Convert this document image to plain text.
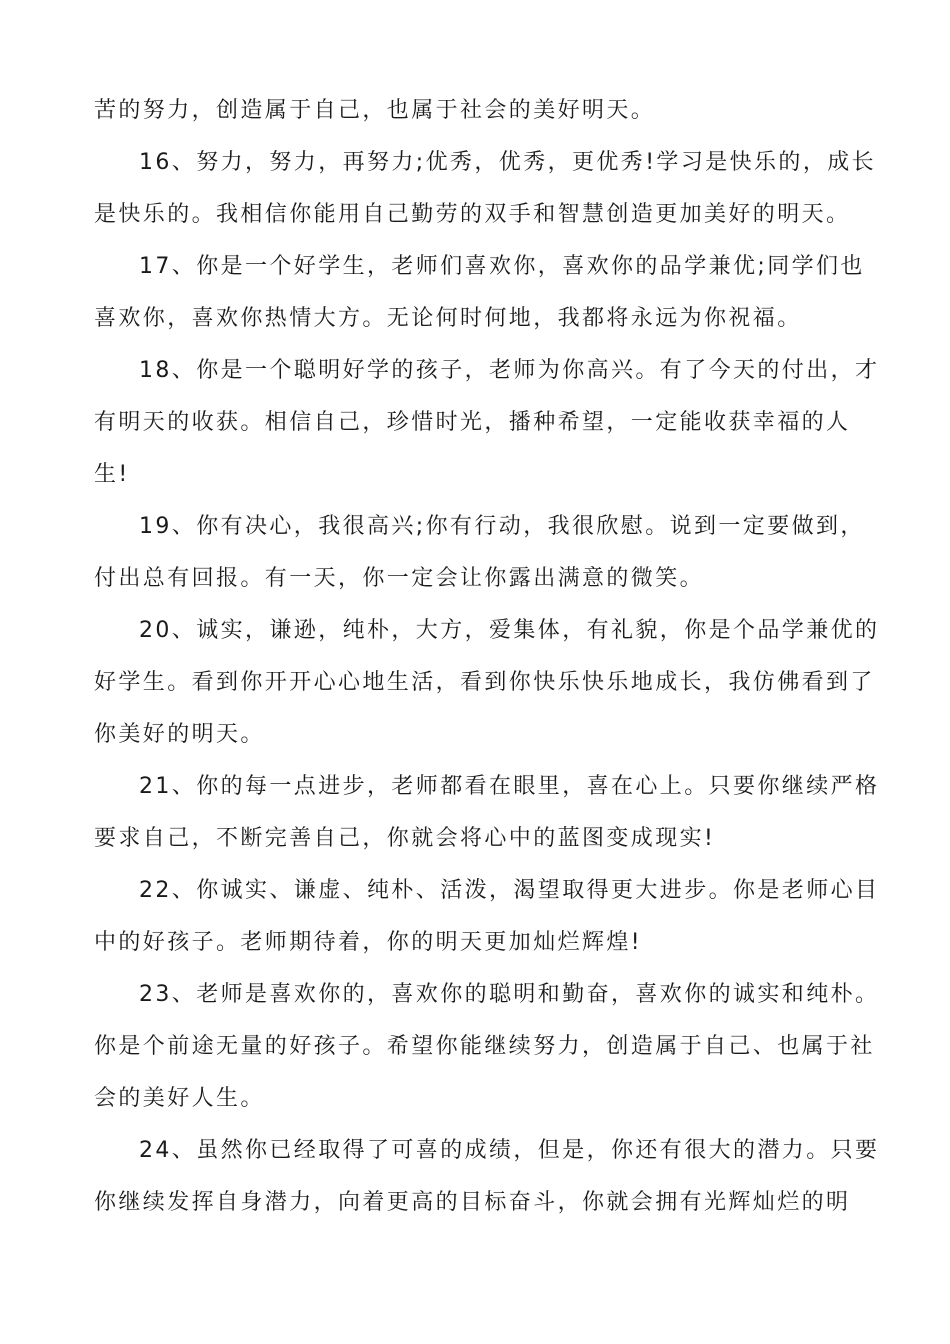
苦的努力，创造属于自己，也属于社会的美好明天。
16、努力，努力，再努力;优秀，优秀，更优秀!学习是快乐的，成长
是快乐的。我相信你能用自己勤劳的双手和智慧创造更加美好的明天。
17、你是一个好学生，老师们喜欢你，喜欢你的品学兼优;同学们也
喜欢你，喜欢你热情大方。无论何时何地，我都将永远为你祝福。
18、你是一个聪明好学的孩子，老师为你高兴。有了今天的付出，才
有明天的收获。相信自己，珍惜时光，播种希望，一定能收获幸福的人
生!
19、你有决心，我很高兴;你有行动，我很欣慰。说到一定要做到，
付出总有回报。有一天，你一定会让你露出满意的微笑。
20、诚实，谦逊，纯朴，大方，爱集体，有礼貌，你是个品学兼优的
好学生。看到你开开心心地生活，看到你快乐快乐地成长，我仿佛看到了
你美好的明天。
21、你的每一点进步，老师都看在眼里，喜在心上。只要你继续严格
要求自己，不断完善自己，你就会将心中的蓝图变成现实!
22、你诚实、谦虚、纯朴、活泼，渴望取得更大进步。你是老师心目
中的好孩子。老师期待着，你的明天更加灿烂辉煌!
23、老师是喜欢你的，喜欢你的聪明和勤奋，喜欢你的诚实和纯朴。
你是个前途无量的好孩子。希望你能继续努力，创造属于自己、也属于社
会的美好人生。
24、虽然你已经取得了可喜的成绩，但是，你还有很大的潜力。只要
你继续发挥自身潜力，向着更高的目标奋斗，你就会拥有光辉灿烂的明
